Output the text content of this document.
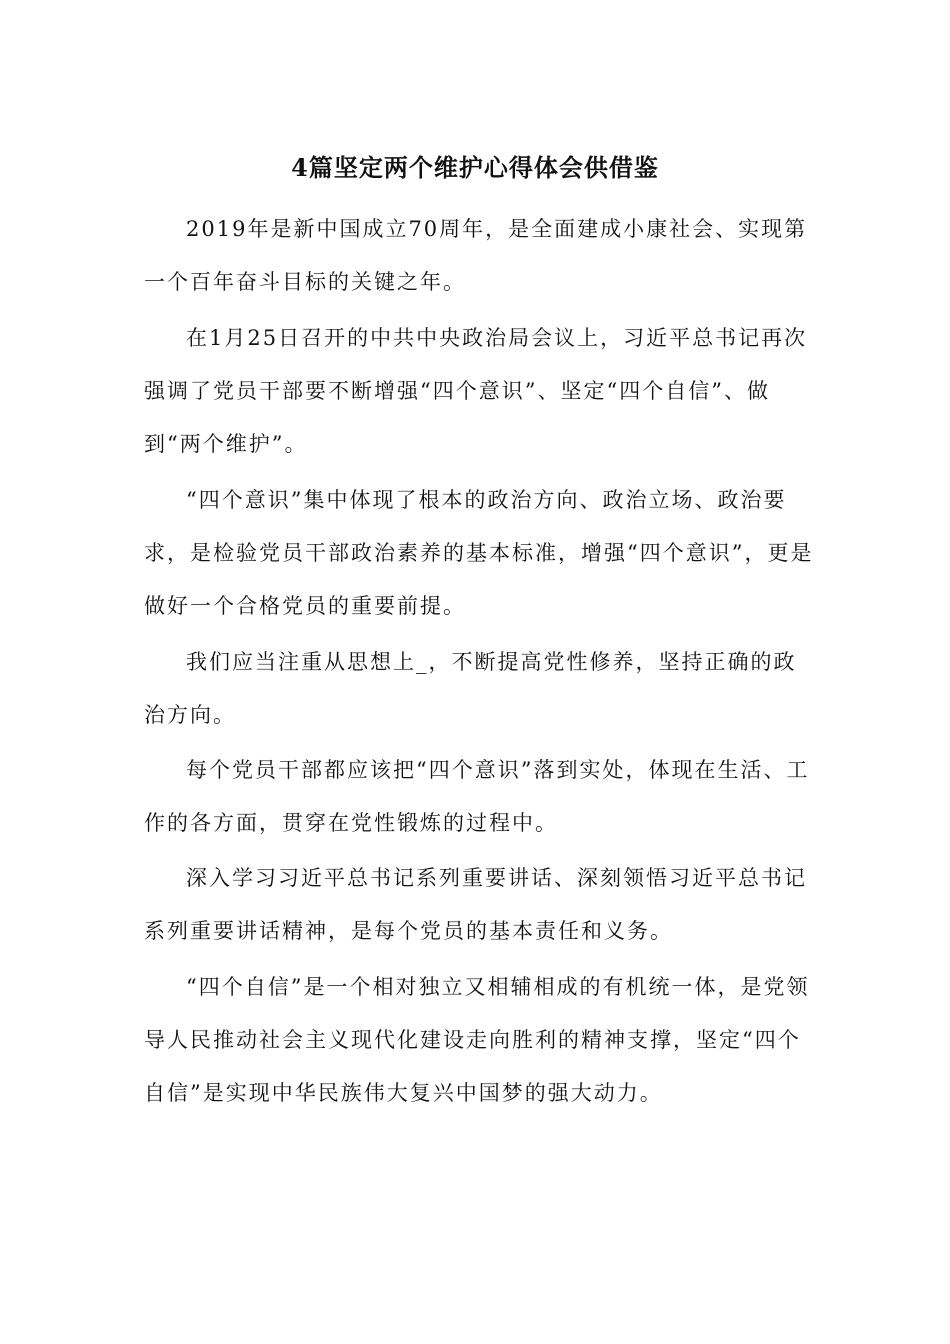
4篇坚定两个维护心得体会供借鉴

2019年是新中国成立70周年，是全面建成小康社会、实现第一个百年奋斗目标的关键之年。

在1月25日召开的中共中央政治局会议上，习近平总书记再次强调了党员干部要不断增强“四个意识”、坚定“四个自信”、做到“两个维护”。

“四个意识”集中体现了根本的政治方向、政治立场、政治要求，是检验党员干部政治素养的基本标准，增强“四个意识”，更是做好一个合格党员的重要前提。

我们应当注重从思想上_，不断提高党性修养，坚持正确的政治方向。

每个党员干部都应该把“四个意识”落到实处，体现在生活、工作的各方面，贯穿在党性锻炼的过程中。

深入学习习近平总书记系列重要讲话、深刻领悟习近平总书记系列重要讲话精神，是每个党员的基本责任和义务。

“四个自信”是一个相对独立又相辅相成的有机统一体，是党领导人民推动社会主义现代化建设走向胜利的精神支撑，坚定“四个自信”是实现中华民族伟大复兴中国梦的强大动力。
